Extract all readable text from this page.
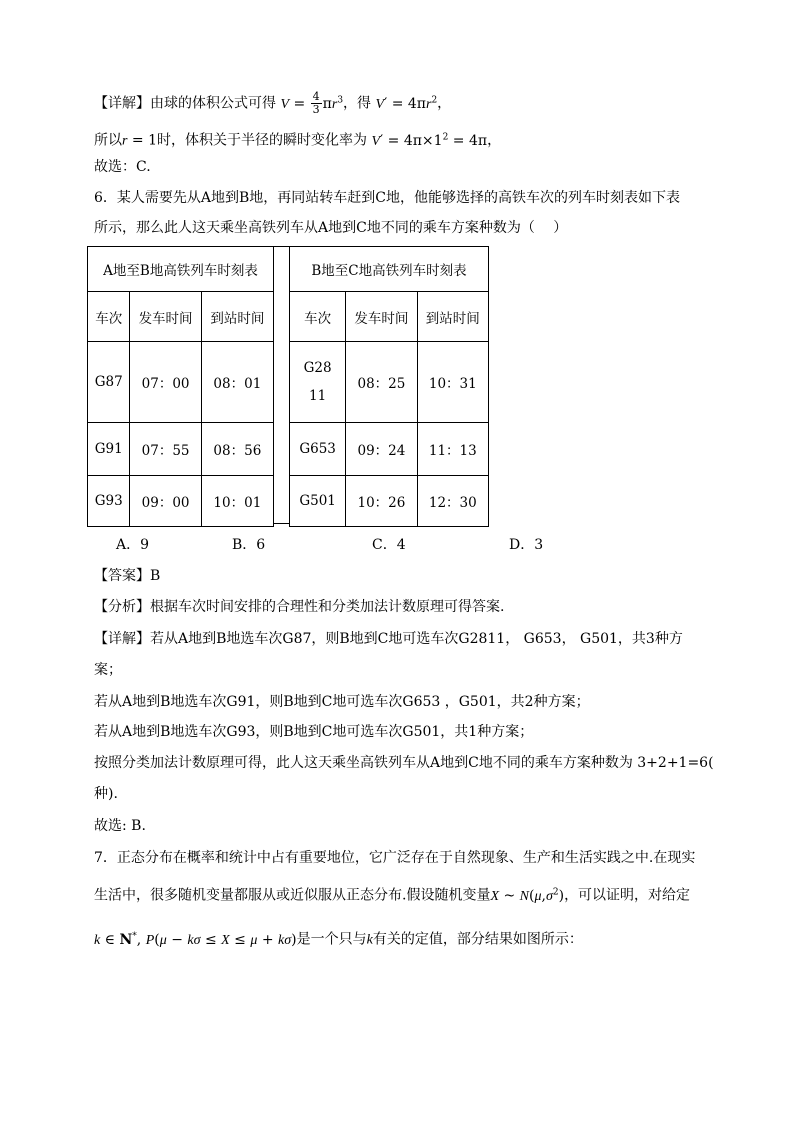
【详解】由球的体积公式可得 $V = \frac{4}{3} \pi r^3$，得 $V' = 4\pi r^2$，
所以r = 1时，体积关于半径的瞬时变化率为 $V' = 4\pi\times 1^2 = 4\pi$，
故选：C.
6．某人需要先从A地到B地，再同站转车赶到C地，他能够选择的高铁车次的列车时刻表如下表
所示，那么此人这天乘坐高铁列车从A地到C地不同的乘车方案种数为（　 ）
A地至B地高铁列车时刻表		
车次	发车时间	到站时间
G87	07：00	08：01
G91	07：55	08：56
G93	09：00	10：01
B地至C地高铁列车时刻表		
车次	发车时间	到站时间

G2811	08：25	10：31
G653	09：24	11：13
G501	10：26	12：30
A．9	B．6	C．4	D．3
【答案】B
【分析】根据车次时间安排的合理性和分类加法计数原理可得答案.
【详解】若从A地到B地选车次G87，则B地到C地可选车次G2811， G653， G501，共3种方
案；
若从A地到B地选车次G91，则B地到C地可选车次G653 ，G501，共2种方案；
若从A地到B地选车次G93，则B地到C地可选车次G501，共1种方案；
按照分类加法计数原理可得，此人这天乘坐高铁列车从A地到C地不同的乘车方案种数为 3+2+1=6(
种).
故选: B.
7．正态分布在概率和统计中占有重要地位，它广泛存在于自然现象、生产和生活实践之中.在现实
生活中，很多随机变量都服从或近似服从正态分布.假设随机变量X ~ $N(\mu,\sigma^2)$，可以证明，对给定
k ∈ N*, P(μ − kσ ≤ X ≤ μ + kσ)是一个只与k有关的定值，部分结果如图所示：
